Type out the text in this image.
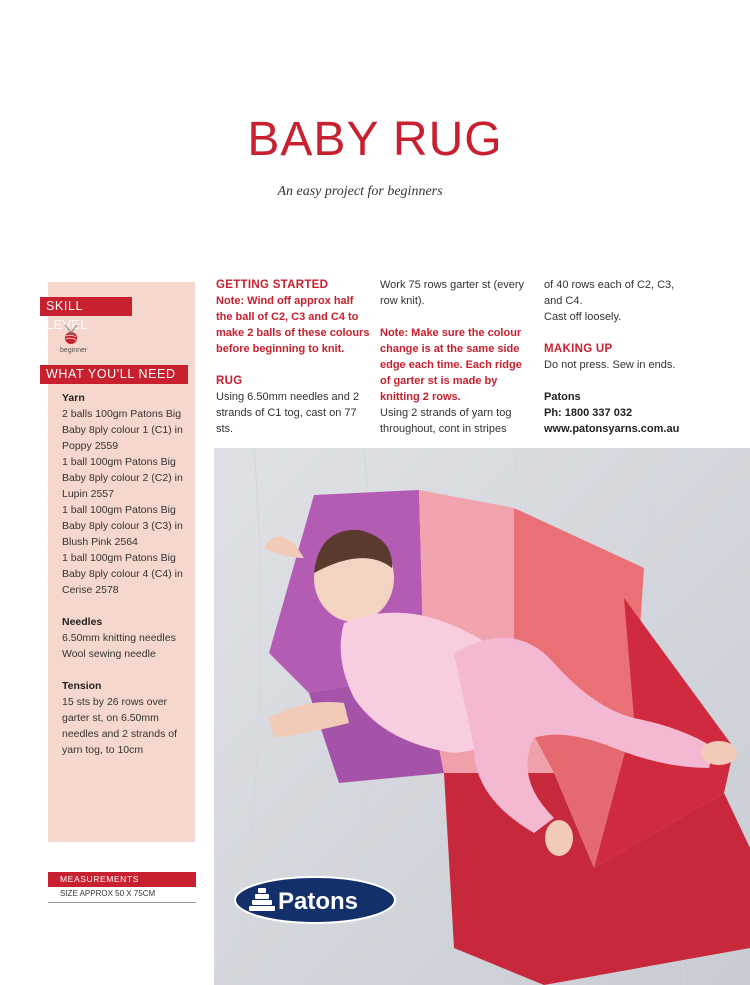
BABY RUG
An easy project for beginners
SKILL LEVEL
beginner
WHAT YOU'LL NEED
Yarn
2 balls 100gm Patons Big Baby 8ply colour 1 (C1) in Poppy 2559
1 ball 100gm Patons Big Baby 8ply colour 2 (C2) in Lupin 2557
1 ball 100gm Patons Big Baby 8ply colour 3 (C3) in Blush Pink 2564

1 ball 100gm Patons Big Baby 8ply colour 4 (C4) in Cerise 2578

Needles
6.50mm knitting needles

Wool sewing needle

Tension

15 sts by 26 rows over garter st, on 6.50mm needles and 2 strands of yarn tog, to 10cm

MEASUREMENTS
SIZE APPROX 50 X 75CM
GETTING STARTED

Note: Wind off approx half the ball of C2, C3 and C4 to make 2 balls of these colours before beginning to knit.

RUG

Using 6.50mm needles and 2 strands of C1 tog, cast on 77 sts.

Work 75 rows garter st (every row knit).

Note: Make sure the colour change is at the same side edge each time. Each ridge of garter st is made by knitting 2 rows.

Using 2 strands of yarn tog throughout, cont in stripes

of 40 rows each of C2, C3, and C4.

Cast off loosely.

MAKING UP

Do not press. Sew in ends.

Patons

Ph: 1800 337 032

www.patonsyarns.com.au

Patons
